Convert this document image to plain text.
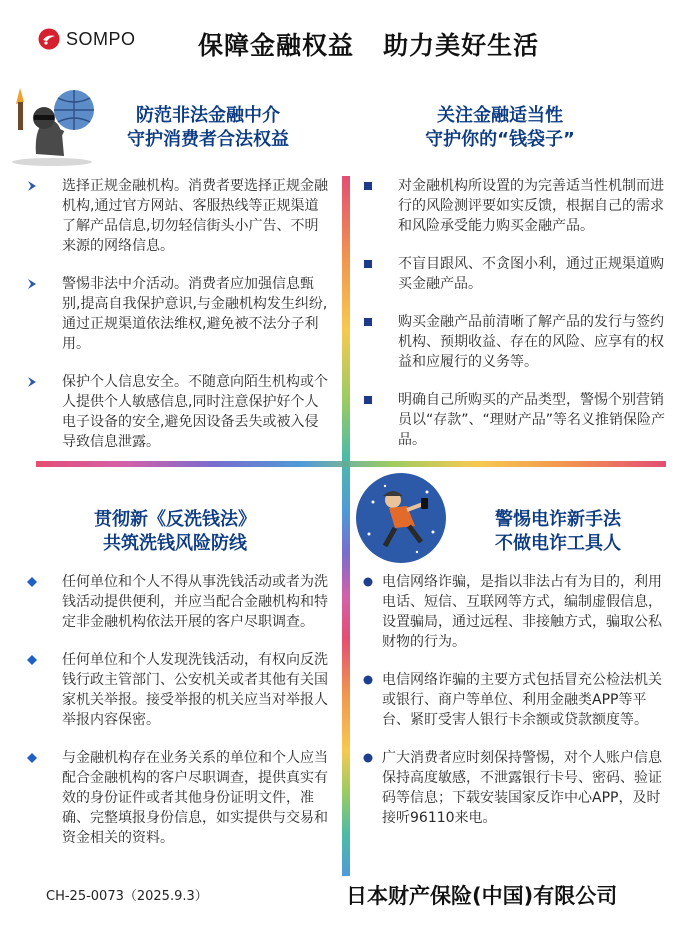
SOMPO 保障金融权益   助力美好生活
防范非法金融中介
守护消费者合法权益
选择正规金融机构。消费者要选择正规金融机构,通过官方网站、客服热线等正规渠道了解产品信息,切勿轻信街头小广告、不明来源的网络信息。
警惕非法中介活动。消费者应加强信息甄别,提高自我保护意识,与金融机构发生纠纷,通过正规渠道依法维权,避免被不法分子利用。
保护个人信息安全。不随意向陌生机构或个人提供个人敏感信息,同时注意保护好个人电子设备的安全,避免因设备丢失或被入侵导致信息泄露。
关注金融适当性
守护你的“钱袋子”
对金融机构所设置的为完善适当性机制而进行的风险测评要如实反馈，根据自己的需求和风险承受能力购买金融产品。
不盲目跟风、不贪图小利，通过正规渠道购买金融产品。
购买金融产品前清晰了解产品的发行与签约机构、预期收益、存在的风险、应享有的权益和应履行的义务等。
明确自己所购买的产品类型，警惕个别营销员以“存款”、“理财产品”等名义推销保险产品。
贯彻新《反洗钱法》
共筑洗钱风险防线
任何单位和个人不得从事洗钱活动或者为洗钱活动提供便利，并应当配合金融机构和特定非金融机构依法开展的客户尽职调查。
任何单位和个人发现洗钱活动，有权向反洗钱行政主管部门、公安机关或者其他有关国家机关举报。接受举报的机关应当对举报人举报内容保密。
与金融机构存在业务关系的单位和个人应当配合金融机构的客户尽职调查，提供真实有效的身份证件或者其他身份证明文件，准确、完整填报身份信息，如实提供与交易和资金相关的资料。
警惕电诈新手法
不做电诈工具人
电信网络诈骗，是指以非法占有为目的，利用电话、短信、互联网等方式，编制虚假信息，设置骗局，通过远程、非接触方式，骗取公私财物的行为。
电信网络诈骗的主要方式包括冒充公检法机关或银行、商户等单位、利用金融类APP等平台、紧盯受害人银行卡余额或贷款额度等。
广大消费者应时刻保持警惕，对个人账户信息保持高度敏感，不泄露银行卡号、密码、验证码等信息；下载安装国家反诈中心APP，及时接听96110来电。
CH-25-0073（2025.9.3）	日本财产保险(中国)有限公司
